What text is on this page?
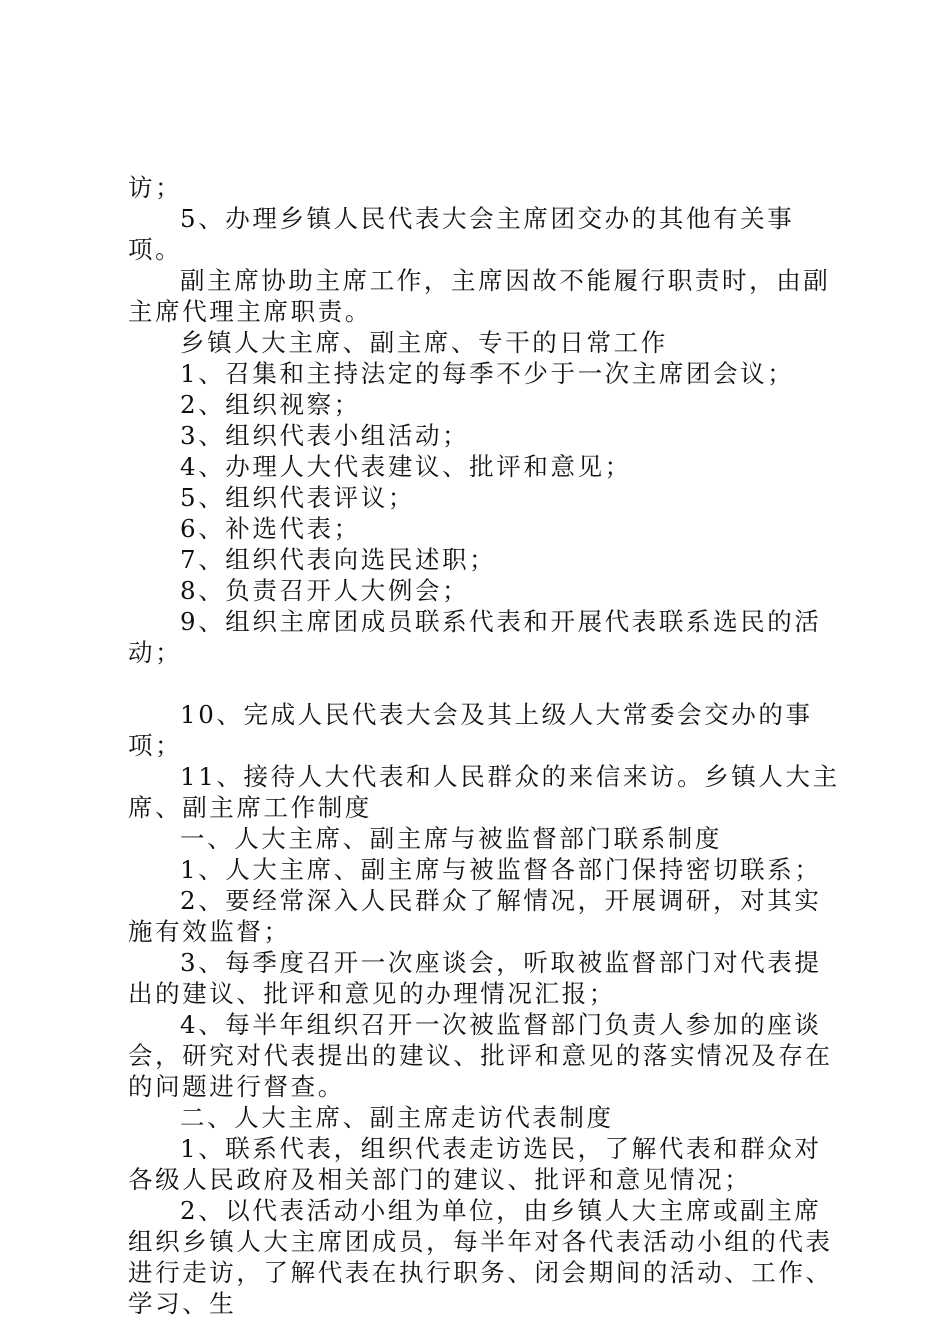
访；

5、办理乡镇人民代表大会主席团交办的其他有关事项。

副主席协助主席工作，主席因故不能履行职责时，由副主席代理主席职责。

乡镇人大主席、副主席、专干的日常工作

1、召集和主持法定的每季不少于一次主席团会议；

2、组织视察；

3、组织代表小组活动；

4、办理人大代表建议、批评和意见；

5、组织代表评议；

6、补选代表；

7、组织代表向选民述职；

8、负责召开人大例会；

9、组织主席团成员联系代表和开展代表联系选民的活动；

10、完成人民代表大会及其上级人大常委会交办的事项；

11、接待人大代表和人民群众的来信来访。乡镇人大主席、副主席工作制度

一、人大主席、副主席与被监督部门联系制度

1、人大主席、副主席与被监督各部门保持密切联系；

2、要经常深入人民群众了解情况，开展调研，对其实施有效监督；

3、每季度召开一次座谈会，听取被监督部门对代表提出的建议、批评和意见的办理情况汇报；

4、每半年组织召开一次被监督部门负责人参加的座谈会，研究对代表提出的建议、批评和意见的落实情况及存在的问题进行督查。

二、人大主席、副主席走访代表制度

1、联系代表，组织代表走访选民，了解代表和群众对各级人民政府及相关部门的建议、批评和意见情况；

2、以代表活动小组为单位，由乡镇人大主席或副主席组织乡镇人大主席团成员，每半年对各代表活动小组的代表进行走访，了解代表在执行职务、闭会期间的活动、工作、学习、生
